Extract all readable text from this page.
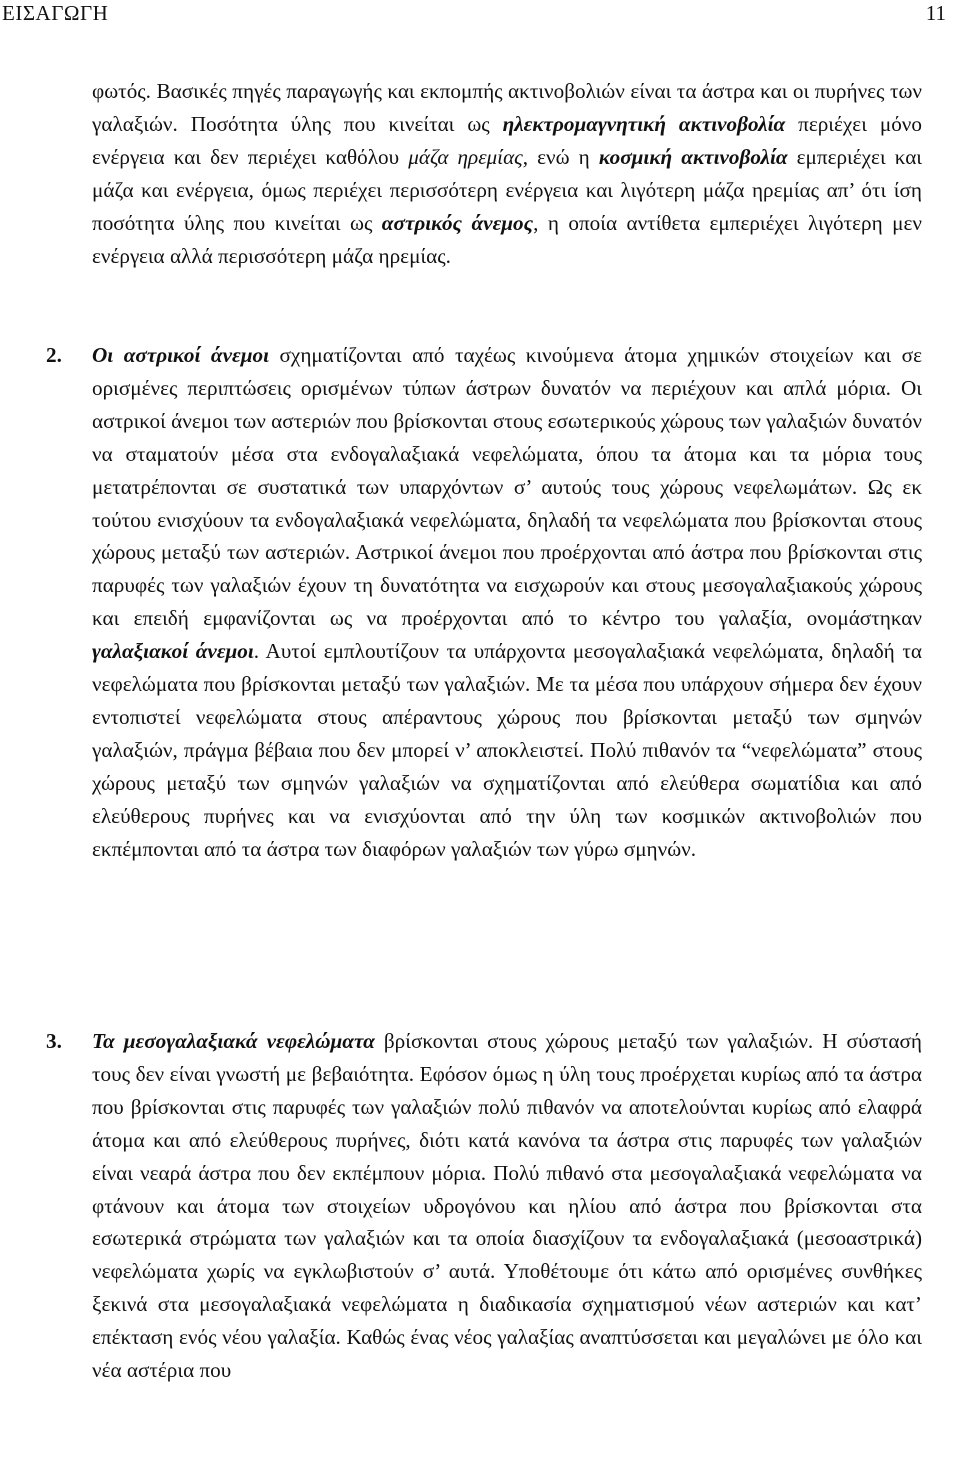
ΕΙΣΑΓΩΓΗ	11

φωτός. Βασικές πηγές παραγωγής και εκπομπής ακτινοβολιών είναι τα άστρα και οι πυρήνες των γαλαξιών. Ποσότητα ύλης που κινείται ως ηλεκτρομαγνητική ακτινοβολία περιέχει μόνο ενέργεια και δεν περιέχει καθόλου μάζα ηρεμίας, ενώ η κοσμική ακτινοβολία εμπεριέχει και μάζα και ενέργεια, όμως περιέχει περισσότερη ενέργεια και λιγότερη μάζα ηρεμίας απ’ ότι ίση ποσότητα ύλης που κινείται ως αστρικός άνεμος, η οποία αντίθετα εμπεριέχει λιγότερη μεν ενέργεια αλλά περισσότερη μάζα ηρεμίας.

2. Οι αστρικοί άνεμοι σχηματίζονται από ταχέως κινούμενα άτομα χημικών στοιχείων και σε ορισμένες περιπτώσεις ορισμένων τύπων άστρων δυνατόν να περιέχουν και απλά μόρια. Οι αστρικοί άνεμοι των αστεριών που βρίσκονται στους εσωτερικούς χώρους των γαλαξιών δυνατόν να σταματούν μέσα στα ενδογαλαξιακά νεφελώματα, όπου τα άτομα και τα μόρια τους μετατρέπονται σε συστατικά των υπαρχόντων σ’ αυτούς τους χώρους νεφελωμάτων. Ως εκ τούτου ενισχύουν τα ενδογαλαξιακά νεφελώματα, δηλαδή τα νεφελώματα που βρίσκονται στους χώρους μεταξύ των αστεριών. Αστρικοί άνεμοι που προέρχονται από άστρα που βρίσκονται στις παρυφές των γαλαξιών έχουν τη δυνατότητα να εισχωρούν και στους μεσογαλαξιακούς χώρους και επειδή εμφανίζονται ως να προέρχονται από το κέντρο του γαλαξία, ονομάστηκαν γαλαξιακοί άνεμοι. Αυτοί εμπλουτίζουν τα υπάρχοντα μεσογαλαξιακά νεφελώματα, δηλαδή τα νεφελώματα που βρίσκονται μεταξύ των γαλαξιών. Με τα μέσα που υπάρχουν σήμερα δεν έχουν εντοπιστεί νεφελώματα στους απέραντους χώρους που βρίσκονται μεταξύ των σμηνών γαλαξιών, πράγμα βέβαια που δεν μπορεί ν’ αποκλειστεί. Πολύ πιθανόν τα “νεφελώματα” στους χώρους μεταξύ των σμηνών γαλαξιών να σχηματίζονται από ελεύθερα σωματίδια και από ελεύθερους πυρήνες και να ενισχύονται από την ύλη των κοσμικών ακτινοβολιών που εκπέμπονται από τα άστρα των διαφόρων γαλαξιών των γύρω σμηνών.

3. Τα μεσογαλαξιακά νεφελώματα βρίσκονται στους χώρους μεταξύ των γαλαξιών. Η σύστασή τους δεν είναι γνωστή με βεβαιότητα. Εφόσον όμως η ύλη τους προέρχεται κυρίως από τα άστρα που βρίσκονται στις παρυφές των γαλαξιών πολύ πιθανόν να αποτελούνται κυρίως από ελαφρά άτομα και από ελεύθερους πυρήνες, διότι κατά κανόνα τα άστρα στις παρυφές των γαλαξιών είναι νεαρά άστρα που δεν εκπέμπουν μόρια. Πολύ πιθανό στα μεσογαλαξιακά νεφελώματα να φτάνουν και άτομα των στοιχείων υδρογόνου και ηλίου από άστρα που βρίσκονται στα εσωτερικά στρώματα των γαλαξιών και τα οποία διασχίζουν τα ενδογαλαξιακά (μεσοαστρικά) νεφελώματα χωρίς να εγκλωβιστούν σ’ αυτά. Υποθέτουμε ότι κάτω από ορισμένες συνθήκες ξεκινά στα μεσογαλαξιακά νεφελώματα η διαδικασία σχηματισμού νέων αστεριών και κατ’ επέκταση ενός νέου γαλαξία. Καθώς ένας νέος γαλαξίας αναπτύσσεται και μεγαλώνει με όλο και νέα αστέρια που
